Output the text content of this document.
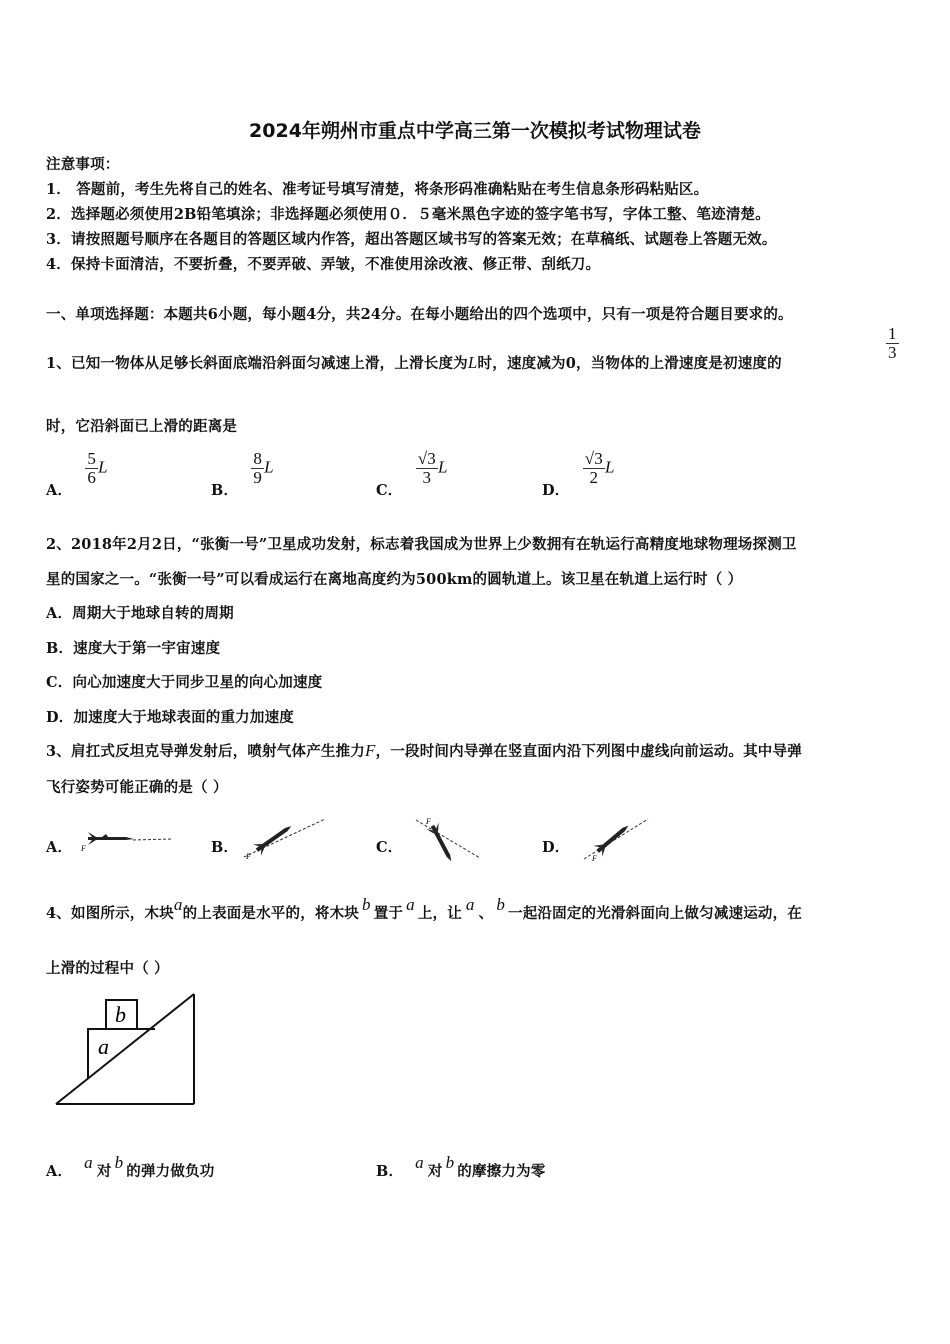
2024年朔州市重点中学高三第一次模拟考试物理试卷
注意事项：
1． 答题前，考生先将自己的姓名、准考证号填写清楚，将条形码准确粘贴在考生信息条形码粘贴区。
2．选择题必须使用2B铅笔填涂；非选择题必须使用０．５毫米黑色字迹的签字笔书写，字体工整、笔迹清楚。
3．请按照题号顺序在各题目的答题区域内作答，超出答题区域书写的答案无效；在草稿纸、试题卷上答题无效。
4．保持卡面清洁，不要折叠，不要弄破、弄皱，不准使用涂改液、修正带、刮纸刀。
一、单项选择题：本题共6小题，每小题4分，共24分。在每小题给出的四个选项中，只有一项是符合题目要求的。
1、已知一物体从足够长斜面底端沿斜面匀减速上滑，上滑长度为L时，速度减为0，当物体的上滑速度是初速度的
$\frac{1}{3}$
时，它沿斜面已上滑的距离是
A．
$\frac{5}{6}$ L
B．
$\frac{8}{9}$ L
C．
$\frac{√3}{3}$ L
D．
$\frac{√3}{2}$ L
2、2018年2月2日，“张衡一号”卫星成功发射，标志着我国成为世界上少数拥有在轨运行高精度地球物理场探测卫
星的国家之一。“张衡一号”可以看成运行在离地高度约为500km的圆轨道上。该卫星在轨道上运行时（ ）
A．周期大于地球自转的周期
B．速度大于第一宇宙速度
C．向心加速度大于同步卫星的向心加速度
D．加速度大于地球表面的重力加速度
3、肩扛式反坦克导弹发射后，喷射气体产生推力F，一段时间内导弹在竖直面内沿下列图中虚线向前运动。其中导弹
飞行姿势可能正确的是（ ）
A． F	B．
F
C．
F
D．
F
4、如图所示，木块a的上表面是水平的，将木块 b 置于 a 上，让 a 、 b 一起沿固定的光滑斜面向上做匀减速运动，在
上滑的过程中（ ）
b
a
A． a 对 b 的弹力做负功	B． a 对 b 的摩擦力为零
